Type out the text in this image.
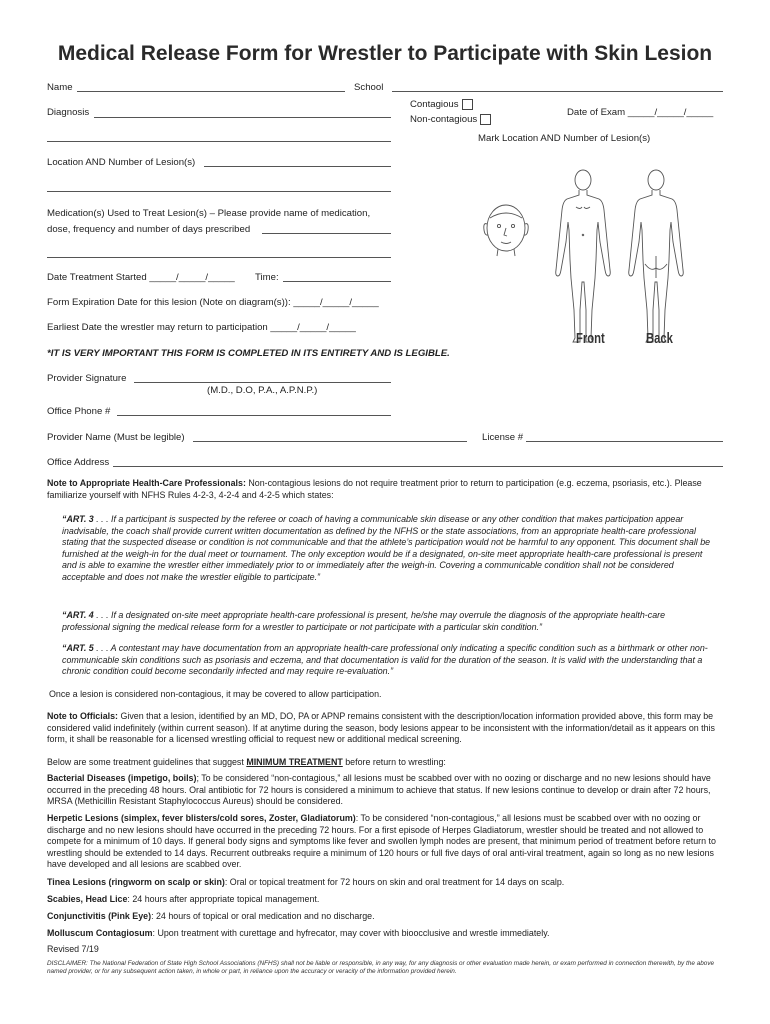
Medical Release Form for Wrestler to Participate with Skin Lesion
Name	School
Diagnosis
Contagious
Non-contagious
Date of Exam _____/_____/_____
Mark Location AND Number of Lesion(s)
Location AND Number of Lesion(s)
Medication(s) Used to Treat Lesion(s) – Please provide name of medication,
dose, frequency and number of days prescribed
Date Treatment Started _____/_____/_____ Time:
Form Expiration Date for this lesion (Note on diagram(s)): _____/_____/_____
Earliest Date the wrestler may return to participation _____/_____/_____
*IT IS VERY IMPORTANT THIS FORM IS COMPLETED IN ITS ENTIRETY AND IS LEGIBLE.
Provider Signature
(M.D., D.O, P.A., A.P.N.P.)
Office Phone #
Provider Name (Must be legible)	License #
Office Address
Front	Back
Note to Appropriate Health-Care Professionals: Non-contagious lesions do not require treatment prior to return to participation (e.g. eczema, psoriasis, etc.). Please familiarize yourself with NFHS Rules 4-2-3, 4-2-4 and 4-2-5 which states:
“ART. 3 . . . If a participant is suspected by the referee or coach of having a communicable skin disease or any other condition that makes participation appear inadvisable, the coach shall provide current written documentation as defined by the NFHS or the state associations, from an appropriate health-care professional stating that the suspected disease or condition is not communicable and that the athlete’s participation would not be harmful to any opponent. This document shall be furnished at the weigh-in for the dual meet or tournament. The only exception would be if a designated, on-site meet appropriate health-care professional is present and is able to examine the wrestler either immediately prior to or immediately after the weigh-in. Covering a communicable condition shall not be considered acceptable and does not make the wrestler eligible to participate.”
“ART. 4 . . . If a designated on-site meet appropriate health-care professional is present, he/she may overrule the diagnosis of the appropriate health-care professional signing the medical release form for a wrestler to participate or not participate with a particular skin condition.”
“ART. 5 . . . A contestant may have documentation from an appropriate health-care professional only indicating a specific condition such as a birthmark or other non-communicable skin conditions such as psoriasis and eczema, and that documentation is valid for the duration of the season. It is valid with the understanding that a chronic condition could become secondarily infected and may require re-evaluation.”
Once a lesion is considered non-contagious, it may be covered to allow participation.
Note to Officials: Given that a lesion, identified by an MD, DO, PA or APNP remains consistent with the description/location information provided above, this form may be considered valid indefinitely (within current season). If at anytime during the season, body lesions appear to be inconsistent with the information/detail as it appears on this form, it shall be reasonable for a licensed wrestling official to request new or additional medical screening.
Below are some treatment guidelines that suggest MINIMUM TREATMENT before return to wrestling:
Bacterial Diseases (impetigo, boils); To be considered “non-contagious,” all lesions must be scabbed over with no oozing or discharge and no new lesions should have occurred in the preceding 48 hours. Oral antibiotic for 72 hours is considered a minimum to achieve that status. If new lesions continue to develop or drain after 72 hours, MRSA (Methicillin Resistant Staphylococcus Aureus) should be considered.
Herpetic Lesions (simplex, fever blisters/cold sores, Zoster, Gladiatorum): To be considered “non-contagious,” all lesions must be scabbed over with no oozing or discharge and no new lesions should have occurred in the preceding 72 hours. For a first episode of Herpes Gladiatorum, wrestler should be treated and not allowed to compete for a minimum of 10 days. If general body signs and symptoms like fever and swollen lymph nodes are present, that minimum period of treatment before return to wrestling should be extended to 14 days. Recurrent outbreaks require a minimum of 120 hours or full five days of oral anti-viral treatment, again so long as no new lesions have developed and all lesions are scabbed over.
Tinea Lesions (ringworm on scalp or skin): Oral or topical treatment for 72 hours on skin and oral treatment for 14 days on scalp.
Scabies, Head Lice: 24 hours after appropriate topical management.
Conjunctivitis (Pink Eye): 24 hours of topical or oral medication and no discharge.
Molluscum Contagiosum: Upon treatment with curettage and hyfrecator, may cover with bioocclusive and wrestle immediately.
Revised 7/19
DISCLAIMER: The National Federation of State High School Associations (NFHS) shall not be liable or responsible, in any way, for any diagnosis or other evaluation made herein, or exam performed in connection therewith, by the above named provider, or for any subsequent action taken, in whole or part, in reliance upon the accuracy or veracity of the information provided herein.
